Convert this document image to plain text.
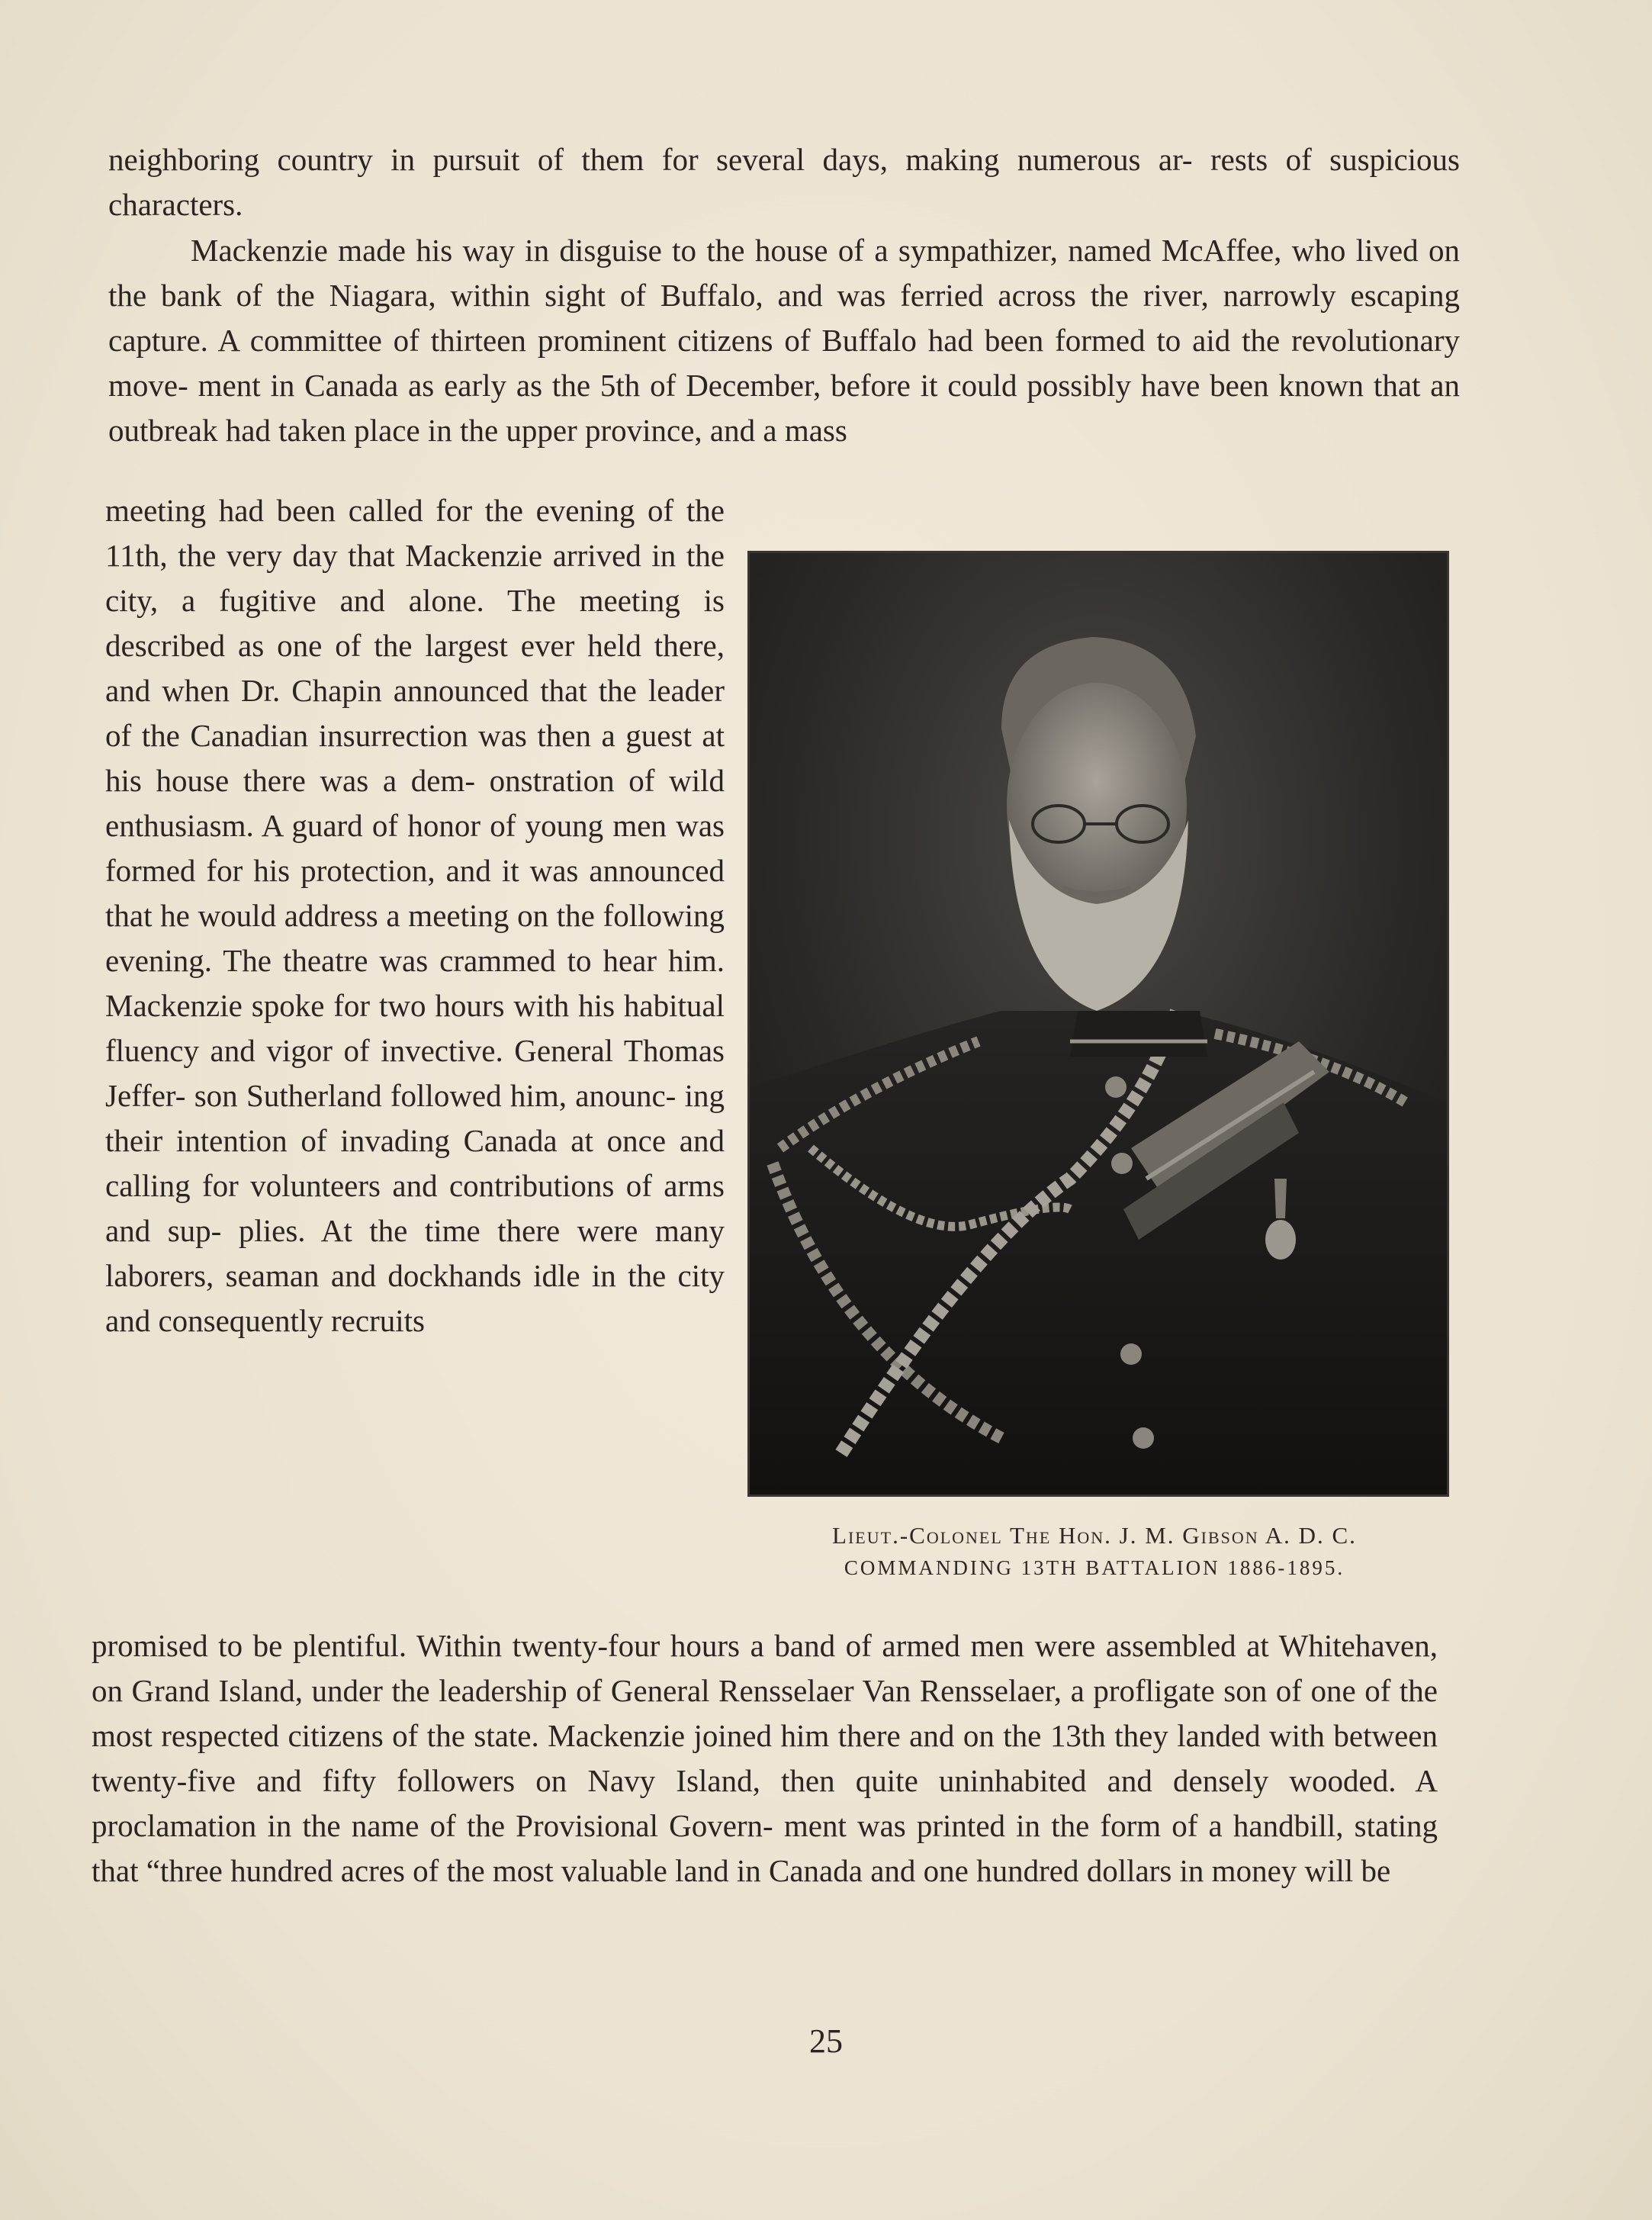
neighboring country in pursuit of them for several days, making numerous ar- rests of suspicious characters.

Mackenzie made his way in disguise to the house of a sympathizer, named McAffee, who lived on the bank of the Niagara, within sight of Buffalo, and was ferried across the river, narrowly escaping capture. A committee of thirteen prominent citizens of Buffalo had been formed to aid the revolutionary move- ment in Canada as early as the 5th of December, before it could possibly have been known that an outbreak had taken place in the upper province, and a mass

meeting had been called for the evening of the 11th, the very day that Mackenzie arrived in the city, a fugitive and alone. The meeting is described as one of the largest ever held there, and when Dr. Chapin announced that the leader of the Canadian insurrection was then a guest at his house there was a dem- onstration of wild enthusiasm. A guard of honor of young men was formed for his protection, and it was announced that he would address a meeting on the following evening. The theatre was crammed to hear him. Mackenzie spoke for two hours with his habitual fluency and vigor of invective. General Thomas Jeffer- son Sutherland followed him, anounc- ing their intention of invading Canada at once and calling for volunteers and contributions of arms and sup- plies. At the time there were many laborers, seaman and dockhands idle in the city and consequently recruits

promised to be plentiful. Within twenty-four hours a band of armed men were assembled at Whitehaven, on Grand Island, under the leadership of General Rensselaer Van Rensselaer, a profligate son of one of the most respected citizens of the state. Mackenzie joined him there and on the 13th they landed with between twenty-five and fifty followers on Navy Island, then quite uninhabited and densely wooded. A proclamation in the name of the Provisional Govern- ment was printed in the form of a handbill, stating that “three hundred acres of the most valuable land in Canada and one hundred dollars in money will be

Lieut.-Colonel The Hon. J. M. Gibson A. D. C.
COMMANDING 13TH BATTALION 1886-1895.
25
